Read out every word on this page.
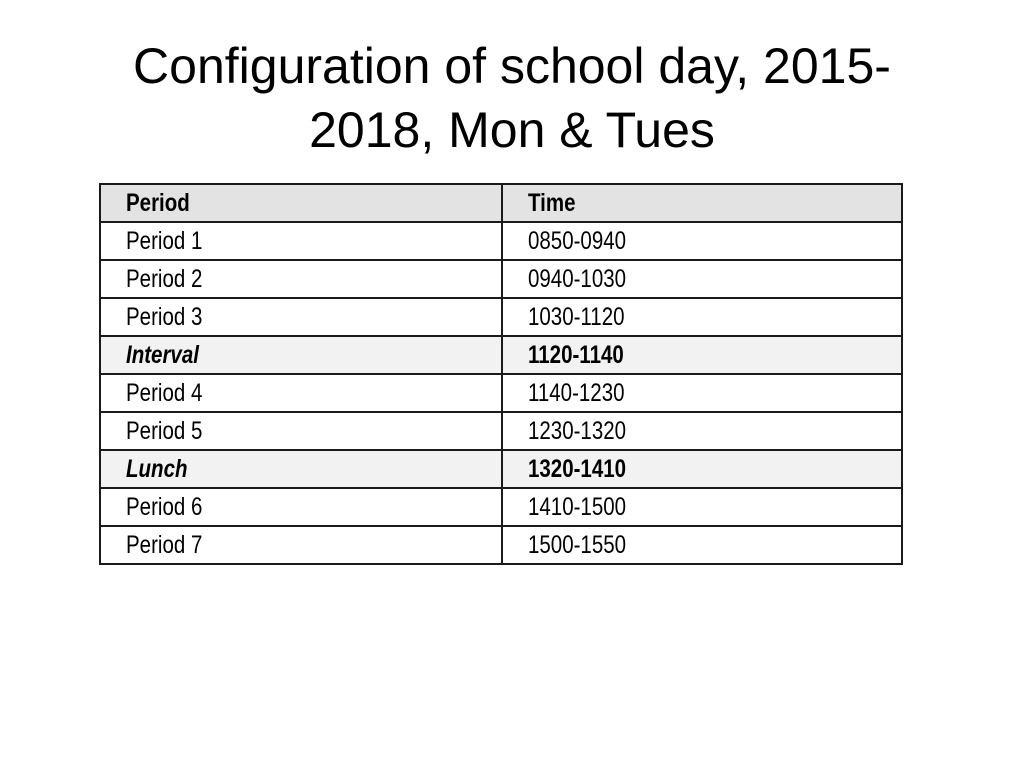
Configuration of school day, 2015-
2018, Mon & Tues
Period	Time
Period 1	0850-0940
Period 2	0940-1030
Period 3	1030-1120
Interval	1120-1140
Period 4	1140-1230
Period 5	1230-1320
Lunch	1320-1410
Period 6	1410-1500
Period 7	1500-1550
